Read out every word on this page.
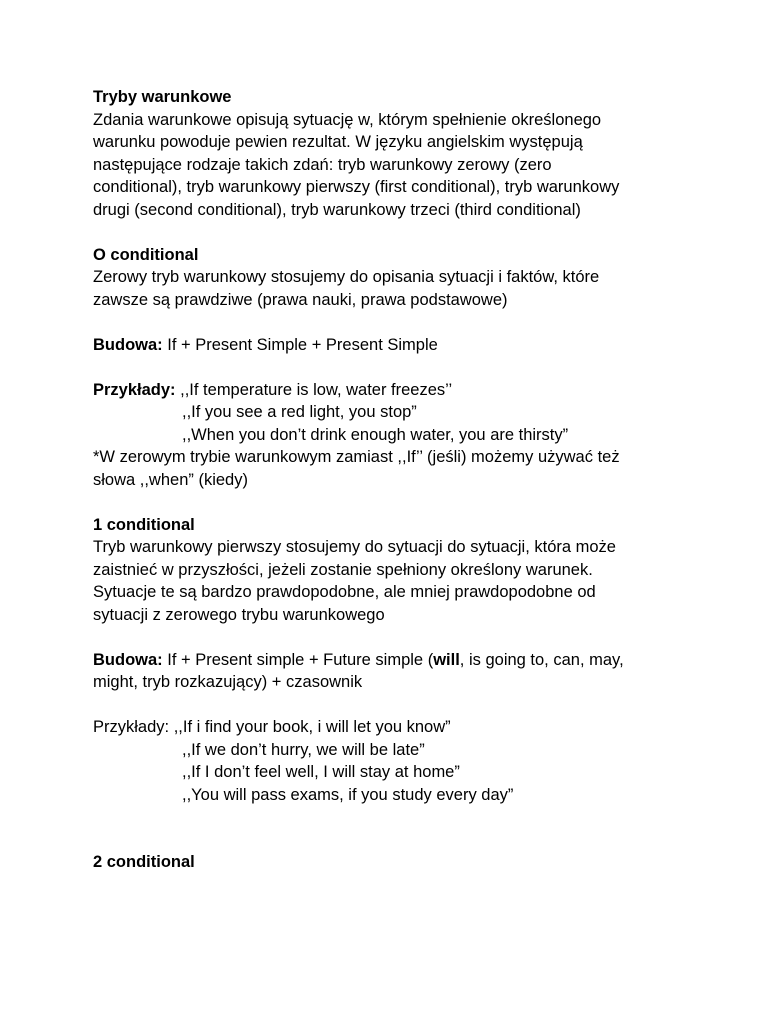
Tryby warunkowe
Zdania warunkowe opisują sytuację w, którym spełnienie określonego
warunku powoduje pewien rezultat. W języku angielskim występują
następujące rodzaje takich zdań: tryb warunkowy zerowy (zero
conditional), tryb warunkowy pierwszy (first conditional), tryb warunkowy
drugi (second conditional), tryb warunkowy trzeci (third conditional)
O conditional
Zerowy tryb warunkowy stosujemy do opisania sytuacji i faktów, które
zawsze są prawdziwe (prawa nauki, prawa podstawowe)
Budowa: If + Present Simple + Present Simple
Przykłady: ,,If temperature is low, water freezes’’
,,If you see a red light, you stop”
,,When you don’t drink enough water, you are thirsty”
*W zerowym trybie warunkowym zamiast ,,If’’ (jeśli) możemy używać też
słowa ,,when” (kiedy)
1 conditional
Tryb warunkowy pierwszy stosujemy do sytuacji do sytuacji, która może
zaistnieć w przyszłości, jeżeli zostanie spełniony określony warunek.
Sytuacje te są bardzo prawdopodobne, ale mniej prawdopodobne od
sytuacji z zerowego trybu warunkowego
Budowa: If + Present simple + Future simple (will, is going to, can, may,
might, tryb rozkazujący) + czasownik
Przykłady: ,,If i find your book, i will let you know”
,,If we don’t hurry, we will be late”
,,If I don’t feel well, I will stay at home”
,,You will pass exams, if you study every day”
2 conditional
